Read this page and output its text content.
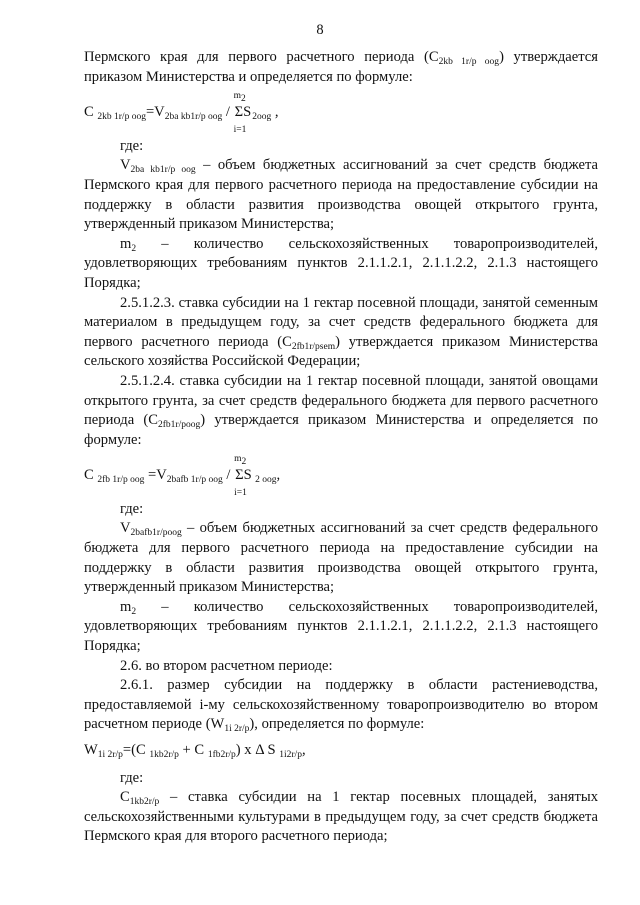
8

Пермского края для первого расчетного периода $(С_{2kb 1r/p oog})$ утверждается приказом Министерства и определяется по формуле:

С $_{2kb 1r/p oog}=V_{2ba kb1r/p oog}$ /
m2
ΣS
i=1
$_{2oog}$ ,

где:

$V_{2ba kb1r/p oog}$ – объем бюджетных ассигнований за счет средств бюджета Пермского края для первого расчетного периода на предоставление субсидии на поддержку в области развития производства овощей открытого грунта, утвержденный приказом Министерства;

$m_2$ – количество сельскохозяйственных товаропроизводителей, удовлетворяющих требованиям пунктов 2.1.1.2.1, 2.1.1.2.2, 2.1.3 настоящего Порядка;

2.5.1.2.3. ставка субсидии на 1 гектар посевной площади, занятой семенным материалом в предыдущем году, за счет средств федерального бюджета для первого расчетного периода $(С_{2fb1r/psem})$ утверждается приказом Министерства сельского хозяйства Российской Федерации;

2.5.1.2.4. ставка субсидии на 1 гектар посевной площади, занятой овощами открытого грунта, за счет средств федерального бюджета для первого расчетного периода $(С_{2fb1r/poog})$ утверждается приказом Министерства и определяется по формуле:

С $_{2fb 1r/p oog} =V_{2bafb 1r/p oog}$ /
m2
ΣS
i=1
$_{2 oog}$,

где:

$V_{2bafb1r/poog}$ – объем бюджетных ассигнований за счет средств федерального бюджета для первого расчетного периода на предоставление субсидии на поддержку в области развития производства овощей открытого грунта, утвержденный приказом Министерства;

$m_2$ – количество сельскохозяйственных товаропроизводителей, удовлетворяющих требованиям пунктов 2.1.1.2.1, 2.1.1.2.2, 2.1.3 настоящего Порядка;

2.6. во втором расчетном периоде:

2.6.1. размер субсидии на поддержку в области растениеводства, предоставляемой i-му сельскохозяйственному товаропроизводителю во втором расчетном периоде $(W_{1i 2r/p})$, определяется по формуле:

$W_{1i 2r/p}=(С$ $_{1kb2r/p}$ + С $_{1fb2r/p}$) x Δ S $_{1i2r/p}$,

где:

$С_{1kb2r/p}$ – ставка субсидии на 1 гектар посевных площадей, занятых сельскохозяйственными культурами в предыдущем году, за счет средств бюджета Пермского края для второго расчетного периода;
